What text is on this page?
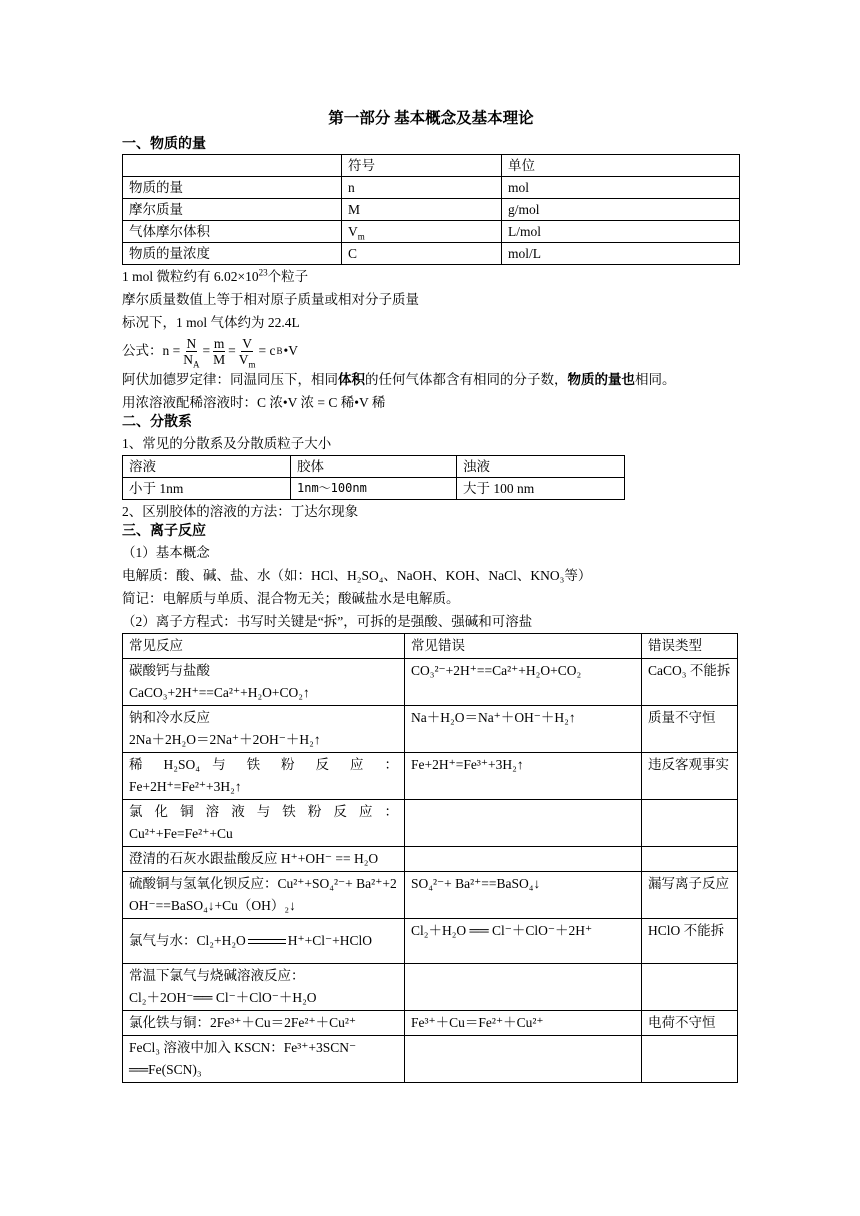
第一部分 基本概念及基本理论

一、物质的量

	符号	单位
物质的量	n	mol
摩尔质量	M	g/mol
气体摩尔体积	$V_m$	L/mol
物质的量浓度	C	mol/L

1 mol 微粒约有 $6.02\times 10^{23}$个粒子

摩尔质量数值上等于相对原子质量或相对分子质量

标况下，1 mol 气体约为 22.4L

公式：$n = \frac{N}{N_A} = \frac{m}{M} = \frac{V}{V_m} = c$ B •V

阿伏加德罗定律：同温同压下，相同体积的任何气体都含有相同的分子数，物质的量也相同。

用浓溶液配稀溶液时：C 浓•V 浓 = C 稀•V 稀

二、分散系

1、常见的分散系及分散质粒子大小

溶液	胶体	浊液
小于 1nm	1nm～100nm	大于 100 nm

2、区别胶体的溶液的方法：丁达尔现象

三、离子反应

（1）基本概念

电解质：酸、碱、盐、水（如：HCl、H₂SO₄、NaOH、KOH、NaCl、KNO₃等）

简记：电解质与单质、混合物无关；酸碱盐水是电解质。

（2）离子方程式：书写时关键是“拆”，可拆的是强酸、强碱和可溶盐

常见反应	常见错误	错误类型

碳酸钙与盐酸
CaCO₃+2H⁺==Ca²⁺+H₂O+CO₂↑	CO₃²⁻+2H⁺==Ca²⁺+H₂O+CO₂	CaCO₃ 不能拆

钠和冷水反应
2Na＋2H₂O＝2Na⁺＋2OH⁻＋H₂↑	Na＋H₂O＝Na⁺＋OH⁻＋H₂↑	质量不守恒
稀 H₂SO₄ 与 铁 粉 反 应 ： Fe+2H⁺=Fe²⁺+3H₂↑	Fe+2H⁺=Fe³⁺+3H₂↑	违反客观事实
氯 化 铜 溶 液 与 铁 粉 反 应 ： Cu²⁺+Fe=Fe²⁺+Cu		
澄清的石灰水跟盐酸反应 H⁺+OH⁻ == H₂O		
硫酸铜与氢氧化钡反应：Cu²⁺+SO₄²⁻+ Ba²⁺+2 OH⁻==BaSO₄↓+Cu（OH）₂↓	SO₄²⁻+ Ba²⁺==BaSO₄↓	漏写离子反应
氯气与水：Cl₂+H₂O H⁺+Cl⁻+HClO	Cl₂＋H₂O ══ Cl⁻＋ClO⁻＋2H⁺	HClO 不能拆

常温下氯气与烧碱溶液反应：
Cl₂＋2OH⁻══ Cl⁻＋ClO⁻＋H₂O		

氯化铁与铜：2Fe³⁺＋Cu＝2Fe²⁺＋Cu²⁺	Fe³⁺＋Cu＝Fe²⁺＋Cu²⁺	电荷不守恒

FeCl₃ 溶液中加入 KSCN：Fe³⁺+3SCN⁻
══Fe(SCN)₃		
